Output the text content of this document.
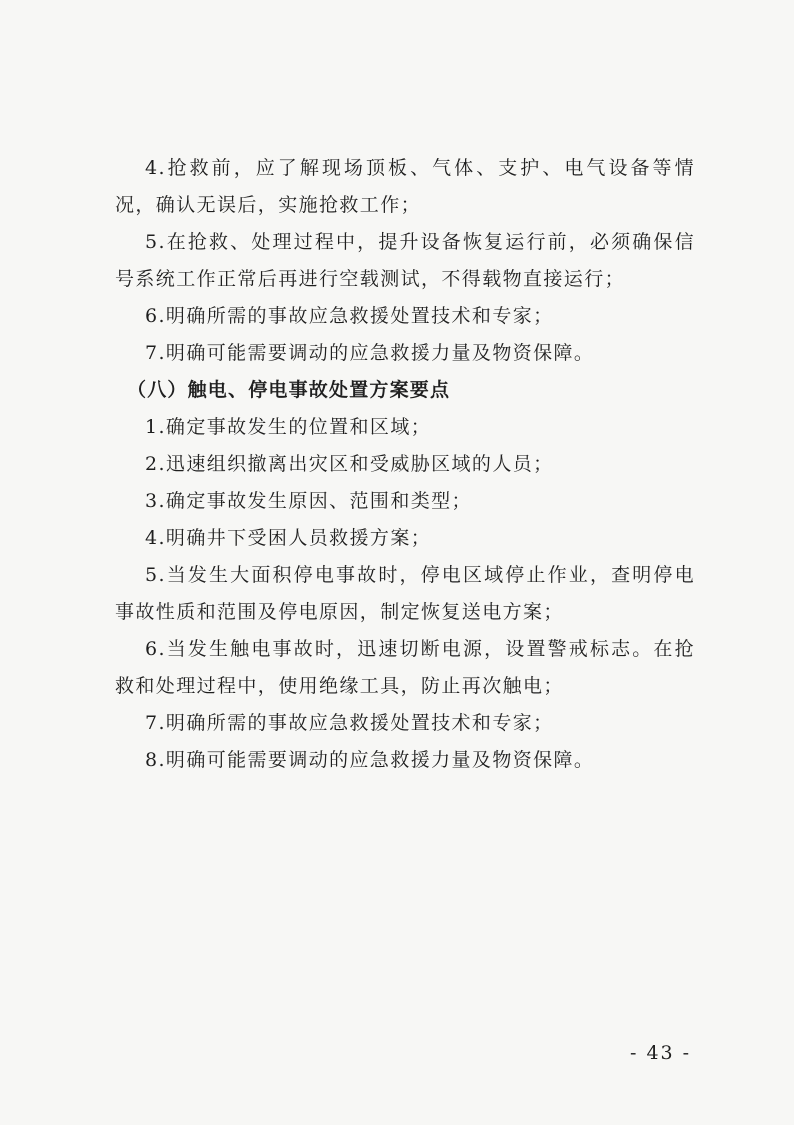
4.抢救前，应了解现场顶板、气体、支护、电气设备等情况，确认无误后，实施抢救工作；

5.在抢救、处理过程中，提升设备恢复运行前，必须确保信号系统工作正常后再进行空载测试，不得载物直接运行；

6.明确所需的事故应急救援处置技术和专家；

7.明确可能需要调动的应急救援力量及物资保障。

（八）触电、停电事故处置方案要点

1.确定事故发生的位置和区域；

2.迅速组织撤离出灾区和受威胁区域的人员；

3.确定事故发生原因、范围和类型；

4.明确井下受困人员救援方案；

5.当发生大面积停电事故时，停电区域停止作业，查明停电事故性质和范围及停电原因，制定恢复送电方案；

6.当发生触电事故时，迅速切断电源，设置警戒标志。在抢救和处理过程中，使用绝缘工具，防止再次触电；

7.明确所需的事故应急救援处置技术和专家；

8.明确可能需要调动的应急救援力量及物资保障。

- 43 -
